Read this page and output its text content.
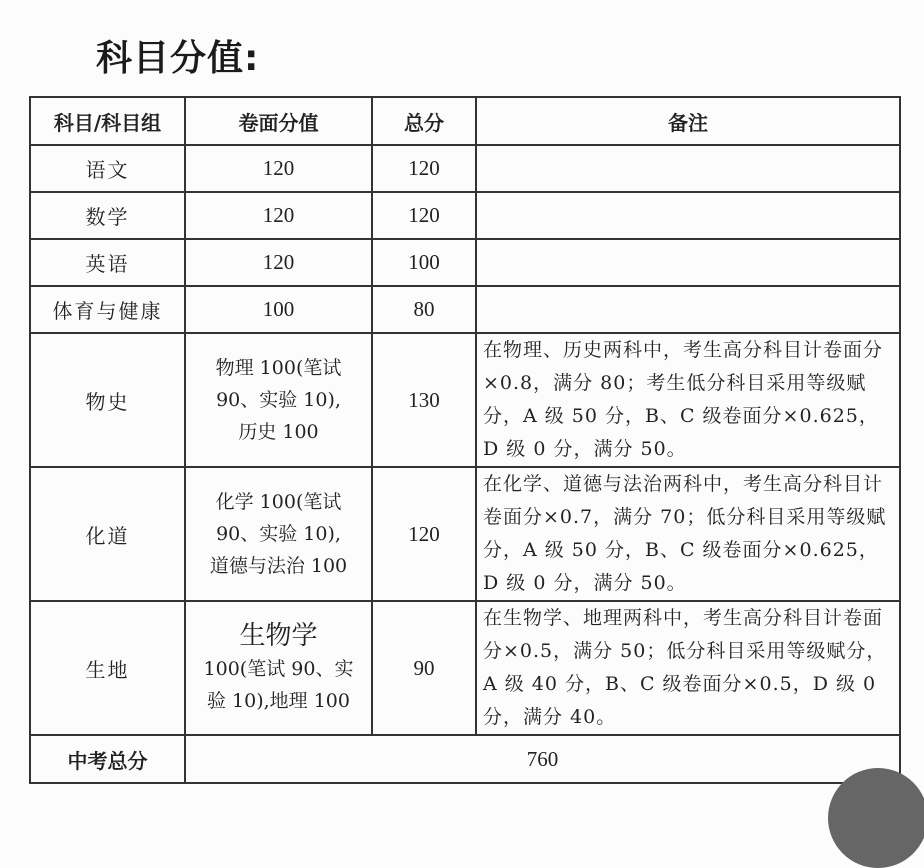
科目分值:
科目/科目组	卷面分值	总分	备注
语文	120	120	
数学	120	120	
英语	120	100	
体育与健康	100	80	
物史	物理 100(笔试
90、实验 10),
历史 100	130	在物理、历史两科中，考生高分科目计卷面分×0.8，满分 80；考生低分科目采用等级赋分，A 级 50 分，B、C 级卷面分×0.625，D 级 0 分，满分 50。
化道	化学 100(笔试
90、实验 10),
道德与法治 100	120	在化学、道德与法治两科中，考生高分科目计卷面分×0.7，满分 70；低分科目采用等级赋分，A 级 50 分，B、C 级卷面分×0.625，D 级 0 分，满分 50。
生地	生物学
100(笔试 90、实
验 10),地理 100	90	在生物学、地理两科中，考生高分科目计卷面分×0.5，满分 50；低分科目采用等级赋分，A 级 40 分，B、C 级卷面分×0.5，D 级 0 分，满分 40。
中考总分	760		
